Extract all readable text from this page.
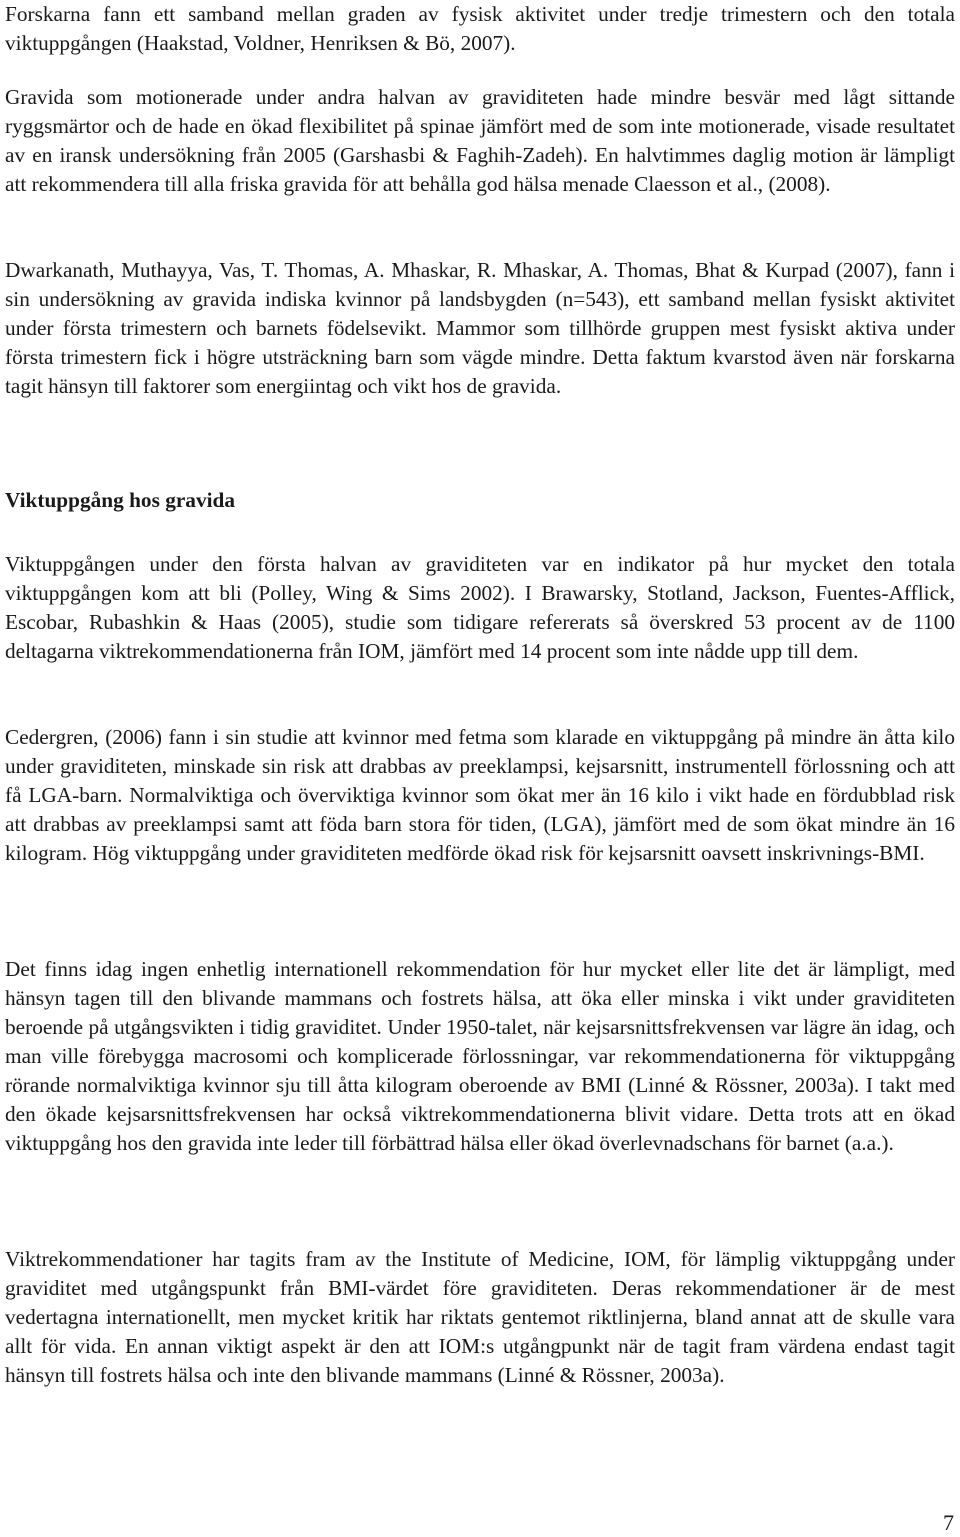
Forskarna fann ett samband mellan graden av fysisk aktivitet under tredje trimestern och den totala viktuppgången (Haakstad, Voldner, Henriksen & Bö, 2007).

Gravida som motionerade under andra halvan av graviditeten hade mindre besvär med lågt sittande ryggsmärtor och de hade en ökad flexibilitet på spinae jämfört med de som inte motionerade, visade resultatet av en iransk undersökning från 2005 (Garshasbi & Faghih-Zadeh). En halvtimmes daglig motion är lämpligt att rekommendera till alla friska gravida för att behålla god hälsa menade Claesson et al., (2008).

Dwarkanath, Muthayya, Vas, T. Thomas, A. Mhaskar, R. Mhaskar, A. Thomas, Bhat & Kurpad (2007), fann i sin undersökning av gravida indiska kvinnor på landsbygden (n=543), ett samband mellan fysiskt aktivitet under första trimestern och barnets födelsevikt. Mammor som tillhörde gruppen mest fysiskt aktiva under första trimestern fick i högre utsträckning barn som vägde mindre. Detta faktum kvarstod även när forskarna tagit hänsyn till faktorer som energiintag och vikt hos de gravida.

Viktuppgång hos gravida

Viktuppgången under den första halvan av graviditeten var en indikator på hur mycket den totala viktuppgången kom att bli (Polley, Wing & Sims 2002). I Brawarsky, Stotland, Jackson, Fuentes-Afflick, Escobar, Rubashkin & Haas (2005), studie som tidigare refererats så överskred 53 procent av de 1100 deltagarna viktrekommendationerna från IOM, jämfört med 14 procent som inte nådde upp till dem.

Cedergren, (2006) fann i sin studie att kvinnor med fetma som klarade en viktuppgång på mindre än åtta kilo under graviditeten, minskade sin risk att drabbas av preeklampsi, kejsarsnitt, instrumentell förlossning och att få LGA-barn. Normalviktiga och överviktiga kvinnor som ökat mer än 16 kilo i vikt hade en fördubblad risk att drabbas av preeklampsi samt att föda barn stora för tiden, (LGA), jämfört med de som ökat mindre än 16 kilogram. Hög viktuppgång under graviditeten medförde ökad risk för kejsarsnitt oavsett inskrivnings-BMI.

Det finns idag ingen enhetlig internationell rekommendation för hur mycket eller lite det är lämpligt, med hänsyn tagen till den blivande mammans och fostrets hälsa, att öka eller minska i vikt under graviditeten beroende på utgångsvikten i tidig graviditet. Under 1950-talet, när kejsarsnittsfrekvensen var lägre än idag, och man ville förebygga macrosomi och komplicerade förlossningar, var rekommendationerna för viktuppgång rörande normalviktiga kvinnor sju till åtta kilogram oberoende av BMI (Linné & Rössner, 2003a). I takt med den ökade kejsarsnittsfrekvensen har också viktrekommendationerna blivit vidare. Detta trots att en ökad viktuppgång hos den gravida inte leder till förbättrad hälsa eller ökad överlevnadschans för barnet (a.a.).

Viktrekommendationer har tagits fram av the Institute of Medicine, IOM, för lämplig viktuppgång under graviditet med utgångspunkt från BMI-värdet före graviditeten. Deras rekommendationer är de mest vedertagna internationellt, men mycket kritik har riktats gentemot riktlinjerna, bland annat att de skulle vara allt för vida. En annan viktigt aspekt är den att IOM:s utgångpunkt när de tagit fram värdena endast tagit hänsyn till fostrets hälsa och inte den blivande mammans (Linné & Rössner, 2003a).

7
